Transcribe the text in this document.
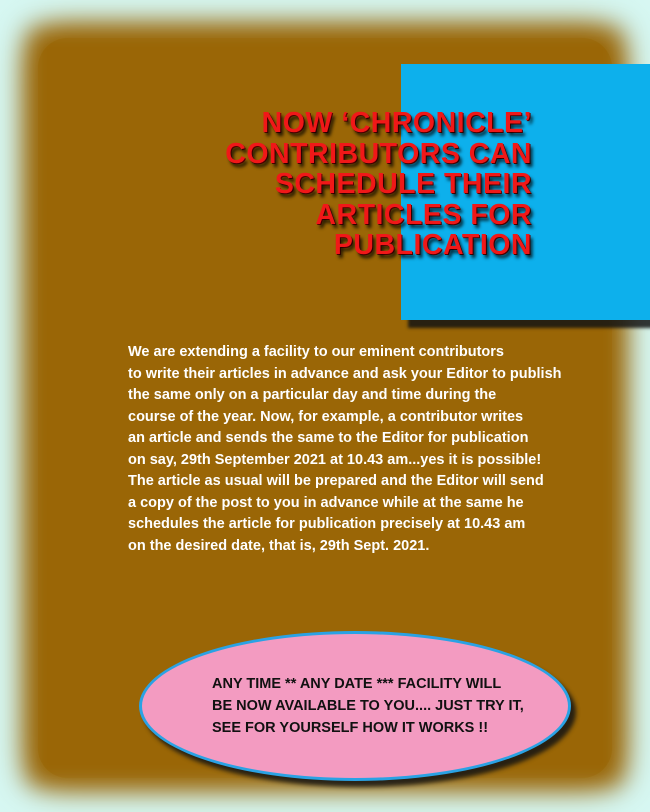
NOW ‘CHRONICLE’
CONTRIBUTORS CAN
SCHEDULE THEIR
ARTICLES FOR
PUBLICATION

We are extending a facility to our eminent contributors
to write their articles in advance and ask your Editor to publish
the same only on a particular day and time during the
course of the year. Now, for example, a contributor writes
an article and sends the same to the Editor for publication
on say, 29th September 2021 at 10.43 am...yes it is possible!
The article as usual will be prepared and the Editor will send
a copy of the post to you in advance while at the same he
schedules the article for publication precisely at 10.43 am
on the desired date, that is, 29th Sept. 2021.

ANY TIME ** ANY DATE *** FACILITY WILL
BE NOW AVAILABLE TO YOU.... JUST TRY IT,
SEE FOR YOURSELF HOW IT WORKS !!
